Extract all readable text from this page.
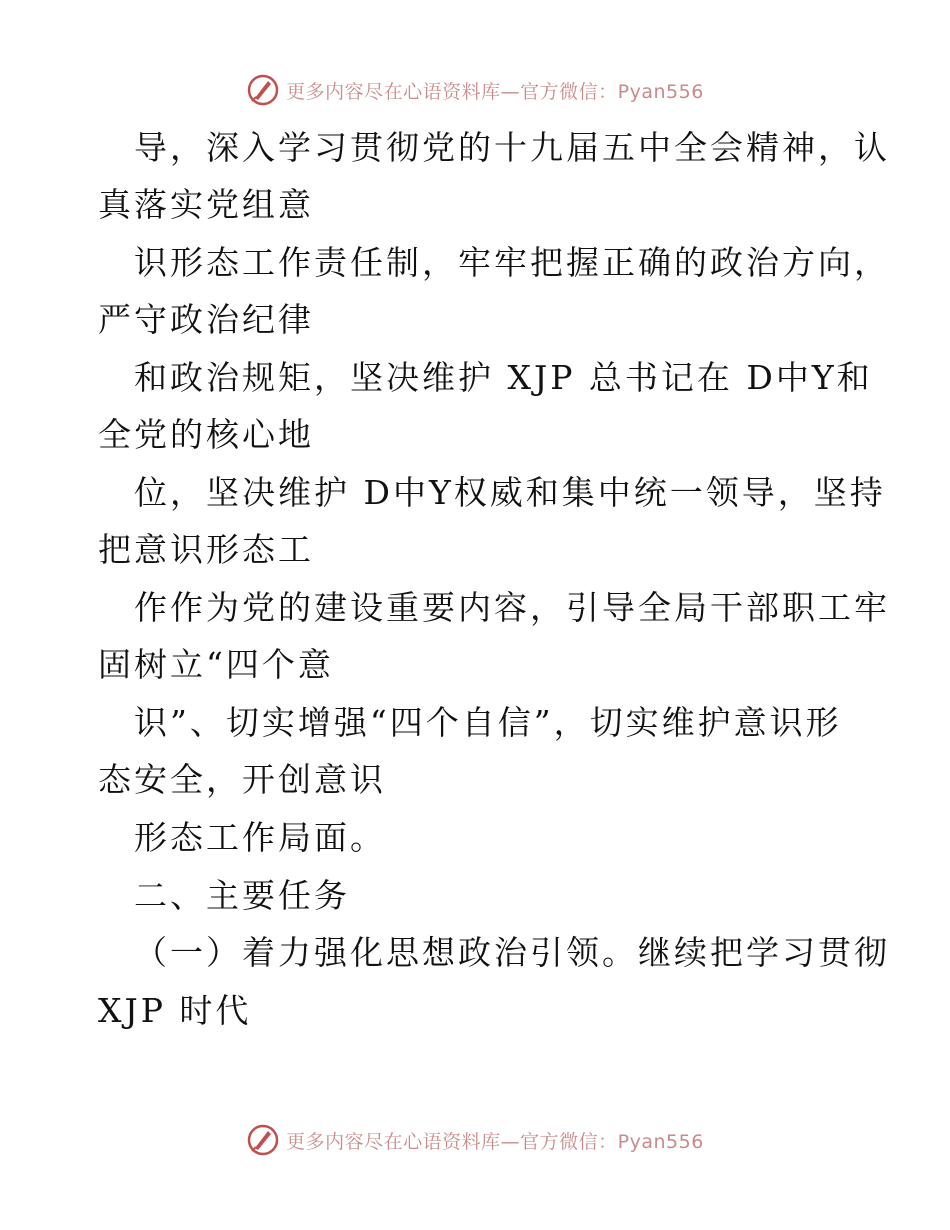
更多内容尽在心语资料库—官方微信：Pyan556
导，深入学习贯彻党的十九届五中全会精神，认
真落实党组意
识形态工作责任制，牢牢把握正确的政治方向，
严守政治纪律
和政治规矩，坚决维护 XJP 总书记在 D中Y和
全党的核心地
位，坚决维护 D中Y权威和集中统一领导，坚持
把意识形态工
作作为党的建设重要内容，引导全局干部职工牢
固树立“四个意
识”、切实增强“四个自信”，切实维护意识形
态安全，开创意识
形态工作局面。
二、主要任务
（一）着力强化思想政治引领。继续把学习贯彻
XJP 时代
更多内容尽在心语资料库—官方微信：Pyan556
